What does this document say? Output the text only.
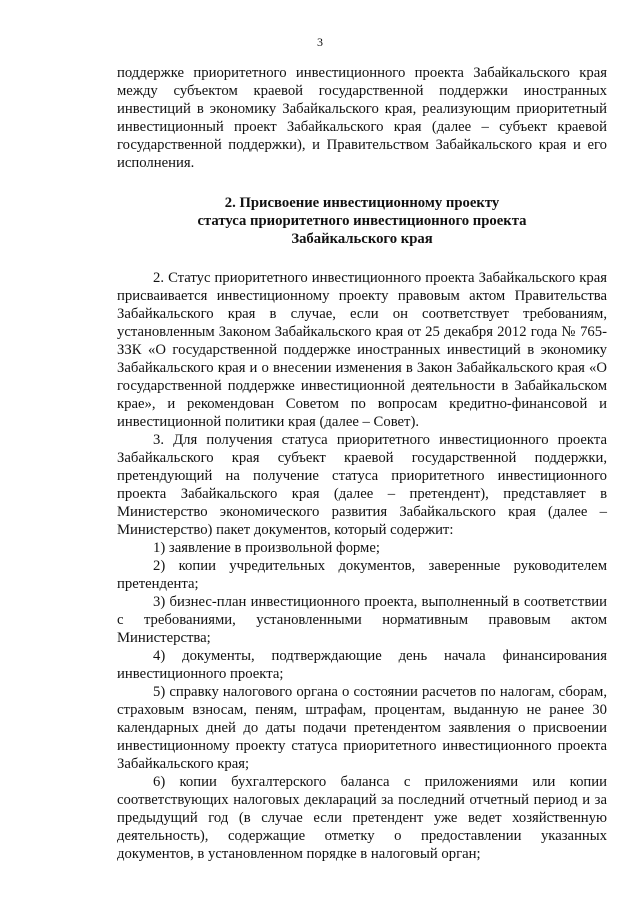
3

поддержке приоритетного инвестиционного проекта Забайкальского края между субъектом краевой государственной поддержки иностранных инвестиций в экономику Забайкальского края, реализующим приоритетный инвестиционный проект Забайкальского края (далее – субъект краевой государственной поддержки), и Правительством Забайкальского края и его исполнения.

2. Присвоение инвестиционному проекту
статуса приоритетного инвестиционного проекта
Забайкальского края

2. Статус приоритетного инвестиционного проекта Забайкальского края присваивается инвестиционному проекту правовым актом Правительства Забайкальского края в случае, если он соответствует требованиям, установленным Законом Забайкальского края от 25 декабря 2012 года № 765-ЗЗК «О государственной поддержке иностранных инвестиций в экономику Забайкальского края и о внесении изменения в Закон Забайкальского края «О государственной поддержке инвестиционной деятельности в Забайкальском крае», и рекомендован Советом по вопросам кредитно-финансовой и инвестиционной политики края (далее – Совет).

3. Для получения статуса приоритетного инвестиционного проекта Забайкальского края субъект краевой государственной поддержки, претендующий на получение статуса приоритетного инвестиционного проекта Забайкальского края (далее – претендент), представляет в Министерство экономического развития Забайкальского края (далее – Министерство) пакет документов, который содержит:

1) заявление в произвольной форме;

2) копии учредительных документов, заверенные руководителем претендента;

3) бизнес-план инвестиционного проекта, выполненный в соответствии с требованиями, установленными нормативным правовым актом Министерства;

4) документы, подтверждающие день начала финансирования инвестиционного проекта;

5) справку налогового органа о состоянии расчетов по налогам, сборам, страховым взносам, пеням, штрафам, процентам, выданную не ранее 30 календарных дней до даты подачи претендентом заявления о присвоении инвестиционному проекту статуса приоритетного инвестиционного проекта Забайкальского края;

6) копии бухгалтерского баланса с приложениями или копии соответствующих налоговых деклараций за последний отчетный период и за предыдущий год (в случае если претендент уже ведет хозяйственную деятельность), содержащие отметку о предоставлении указанных документов, в установленном порядке в налоговый орган;
